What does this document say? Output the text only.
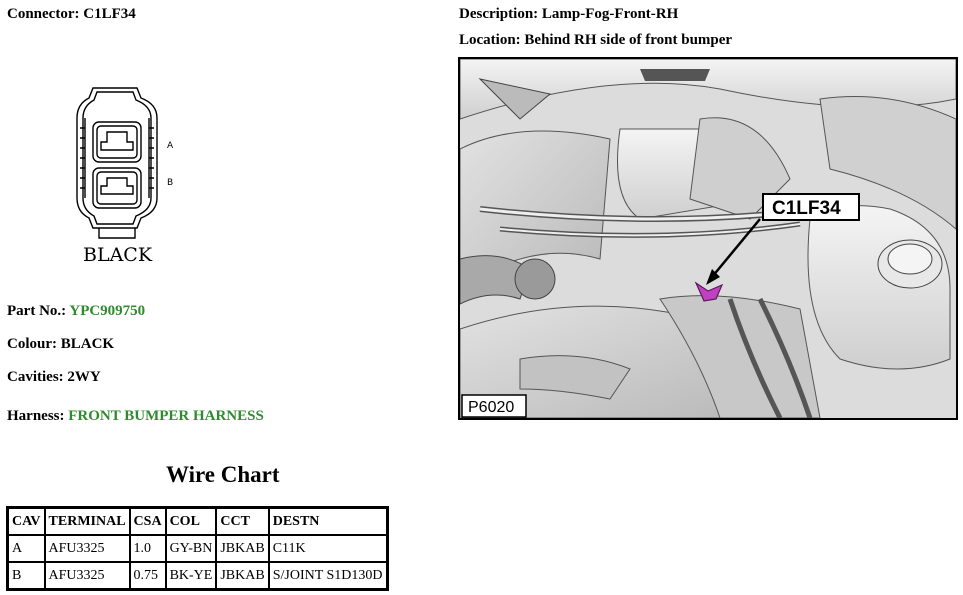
Connector: C1LF34
A
B
BLACK
Part No.: YPC909750
Colour: BLACK
Cavities: 2WY
Harness: FRONT BUMPER HARNESS
Description: Lamp-Fog-Front-RH
Location: Behind RH side of front bumper
C1LF34
P6020
Wire Chart
CAV	TERMINAL	CSA	COL	CCT	DESTN
A	AFU3325	1.0	GY-BN	JBKAB	C11K
B	AFU3325	0.75	BK-YE	JBKAB	S/JOINT S1D130D
